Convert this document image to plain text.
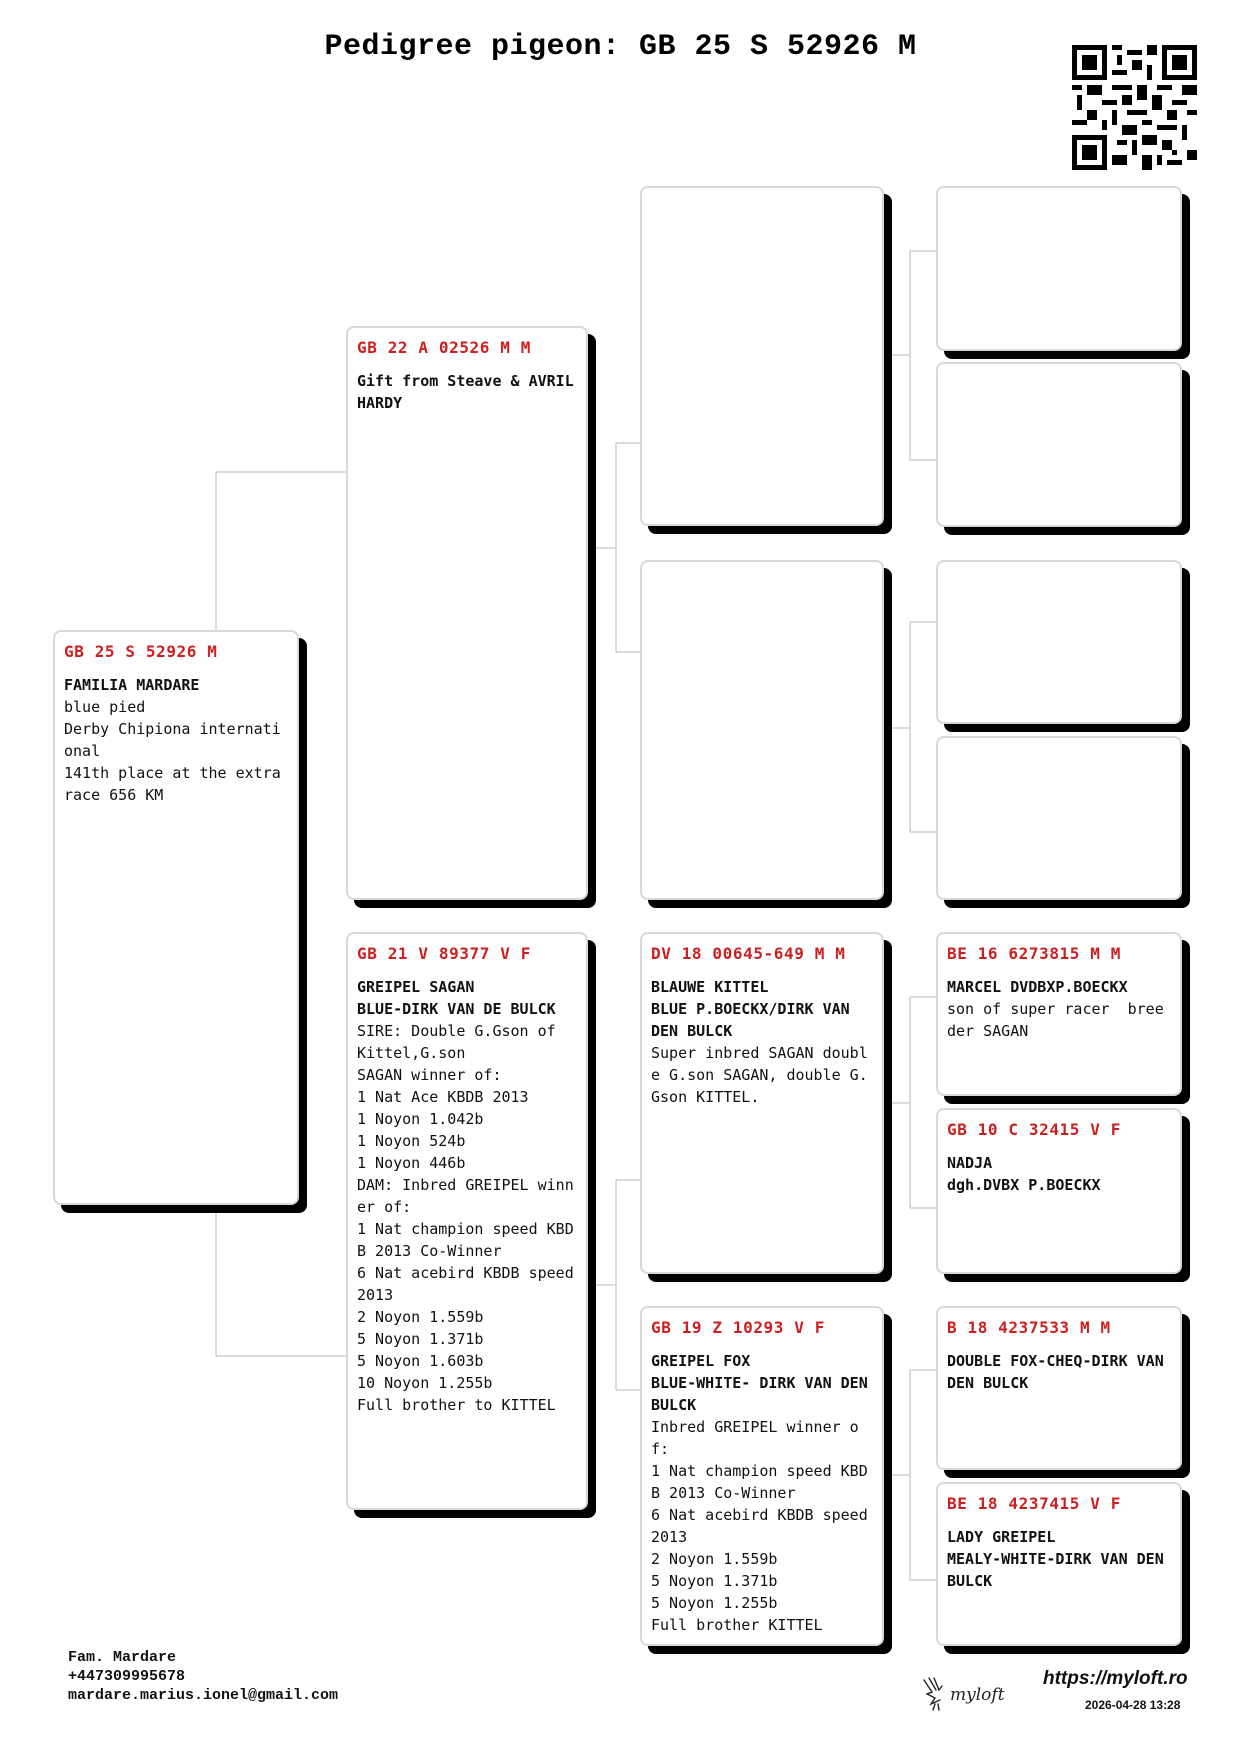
Pedigree pigeon: GB 25 S 52926 M
GB 25 S 52926 M
FAMILIA MARDARE
blue pied
Derby Chipiona international
141th place at the extra race 656 KM
GB 22 A 02526 M M
Gift from Steave & AVRIL HARDY
GB 21 V 89377 V F
GREIPEL SAGAN
BLUE-DIRK VAN DE BULCK
SIRE: Double G.Gson of  Kittel,G.son
SAGAN winner of:
1 Nat Ace KBDB 2013
1 Noyon 1.042b
1 Noyon 524b
1 Noyon 446b
DAM: Inbred GREIPEL winner of:
1 Nat champion speed KBDB 2013 Co-Winner
6 Nat acebird KBDB speed 2013
2 Noyon 1.559b
5 Noyon 1.371b
5 Noyon 1.603b
10 Noyon 1.255b
Full brother to KITTEL
DV 18 00645-649 M M
BLAUWE KITTEL
BLUE P.BOECKX/DIRK VAN DEN BULCK
Super inbred SAGAN double G.son SAGAN, double G.Gson KITTEL.
GB 19 Z 10293 V F
GREIPEL FOX
BLUE-WHITE- DIRK VAN DEN BULCK
Inbred GREIPEL winner of:
1 Nat champion speed KBDB 2013 Co-Winner
6 Nat acebird KBDB speed 2013
2 Noyon 1.559b
5 Noyon 1.371b
5 Noyon 1.255b
Full brother KITTEL
BE 16 6273815 M M
MARCEL DVDBXP.BOECKX
son of super racer  breeder SAGAN
GB 10 C 32415 V F
NADJA
dgh.DVBX P.BOECKX
B 18 4237533 M M
DOUBLE FOX-CHEQ-DIRK VAN DEN BULCK
BE 18 4237415 V F
LADY GREIPEL
MEALY-WHITE-DIRK VAN DEN BULCK
Fam. Mardare
+447309995678
mardare.marius.ionel@gmail.com	myloft
https://myloft.ro
2026-04-28 13:28
